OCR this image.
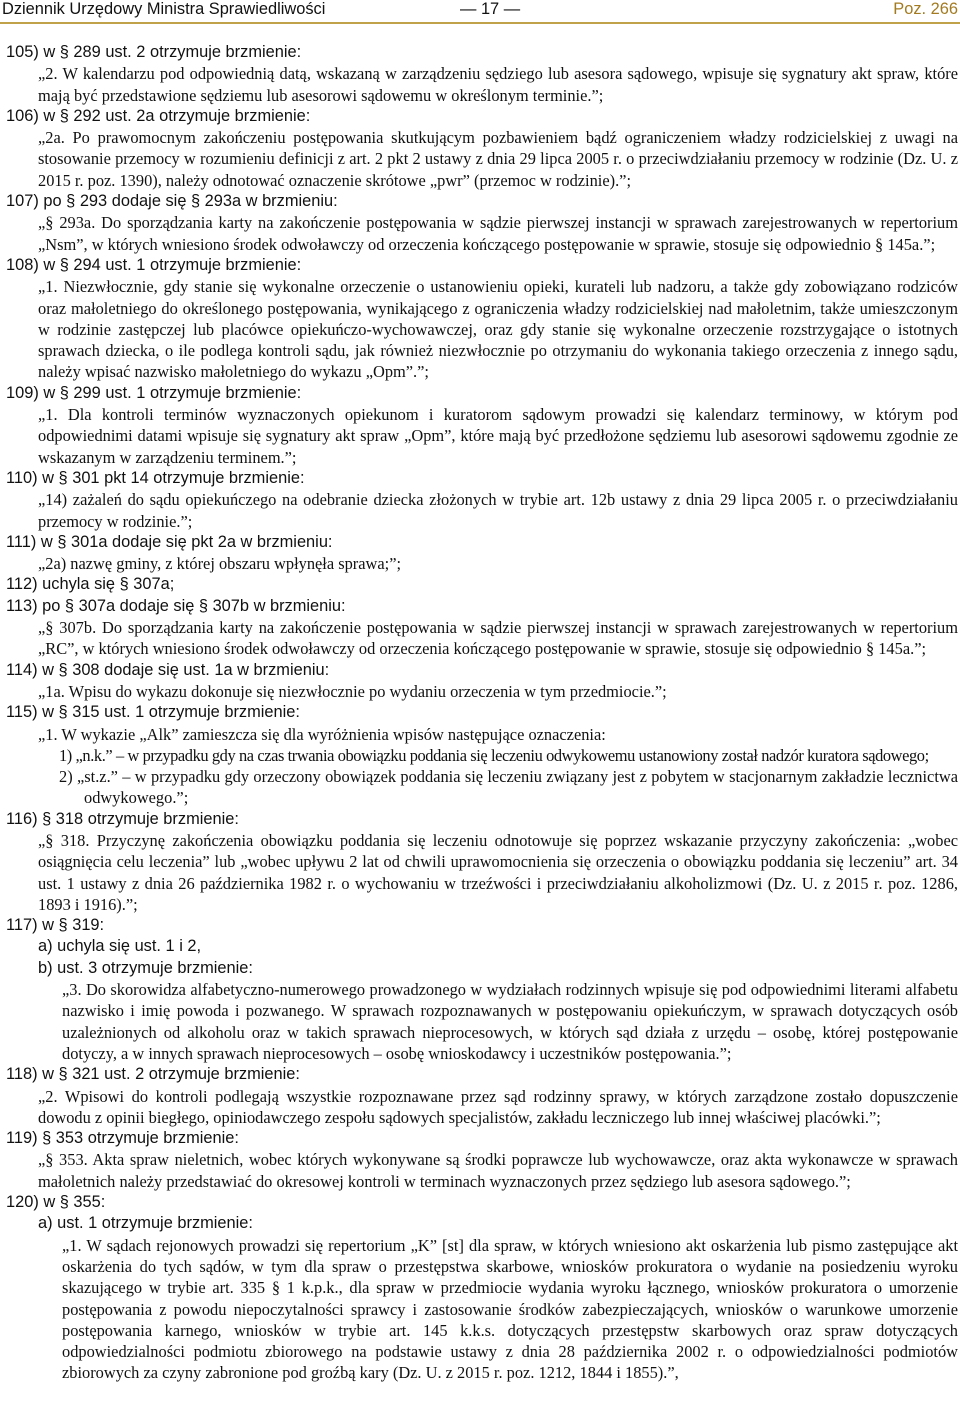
Dziennik Urzędowy Ministra Sprawiedliwości	— 17 —	Poz. 266

105) w § 289 ust. 2 otrzymuje brzmienie:

„2. W kalendarzu pod odpowiednią datą, wskazaną w zarządzeniu sędziego lub asesora sądowego, wpisuje się sygnatury akt spraw, które mają być przedstawione sędziemu lub asesorowi sądowemu w określonym terminie.”;

106) w § 292 ust. 2a otrzymuje brzmienie:

„2a. Po prawomocnym zakończeniu postępowania skutkującym pozbawieniem bądź ograniczeniem władzy rodzicielskiej z uwagi na stosowanie przemocy w rozumieniu definicji z art. 2 pkt 2 ustawy z dnia 29 lipca 2005 r. o przeciwdziałaniu przemocy w rodzinie (Dz. U. z 2015 r. poz. 1390), należy odnotować oznaczenie skrótowe „pwr” (przemoc w rodzinie).”;

107) po § 293 dodaje się § 293a w brzmieniu:

„§ 293a. Do sporządzania karty na zakończenie postępowania w sądzie pierwszej instancji w sprawach zarejestrowanych w repertorium „Nsm”, w których wniesiono środek odwoławczy od orzeczenia kończącego postępowanie w sprawie, stosuje się odpowiednio § 145a.”;

108) w § 294 ust. 1 otrzymuje brzmienie:

„1. Niezwłocznie, gdy stanie się wykonalne orzeczenie o ustanowieniu opieki, kurateli lub nadzoru, a także gdy zobowiązano rodziców oraz małoletniego do określonego postępowania, wynikającego z ograniczenia władzy rodzicielskiej nad małoletnim, także umieszczonym w rodzinie zastępczej lub placówce opiekuńczo-wychowawczej, oraz gdy stanie się wykonalne orzeczenie rozstrzygające o istotnych sprawach dziecka, o ile podlega kontroli sądu, jak również niezwłocznie po otrzymaniu do wykonania takiego orzeczenia z innego sądu, należy wpisać nazwisko małoletniego do wykazu „Opm”.”;

109) w § 299 ust. 1 otrzymuje brzmienie:

„1. Dla kontroli terminów wyznaczonych opiekunom i kuratorom sądowym prowadzi się kalendarz terminowy, w którym pod odpowiednimi datami wpisuje się sygnatury akt spraw „Opm”, które mają być przedłożone sędziemu lub asesorowi sądowemu zgodnie ze wskazanym w zarządzeniu terminem.”;

110) w § 301 pkt 14 otrzymuje brzmienie:

„14) zażaleń do sądu opiekuńczego na odebranie dziecka złożonych w trybie art. 12b ustawy z dnia 29 lipca 2005 r. o przeciwdziałaniu przemocy w rodzinie.”;

111) w § 301a dodaje się pkt 2a w brzmieniu:

„2a) nazwę gminy, z której obszaru wpłynęła sprawa;”;

112) uchyla się § 307a;

113) po § 307a dodaje się § 307b w brzmieniu:

„§ 307b. Do sporządzania karty na zakończenie postępowania w sądzie pierwszej instancji w sprawach zarejestrowanych w repertorium „RC”, w których wniesiono środek odwoławczy od orzeczenia kończącego postępowanie w sprawie, stosuje się odpowiednio § 145a.”;

114) w § 308 dodaje się ust. 1a w brzmieniu:

„1a. Wpisu do wykazu dokonuje się niezwłocznie po wydaniu orzeczenia w tym przedmiocie.”;

115) w § 315 ust. 1 otrzymuje brzmienie:

„1. W wykazie „Alk” zamieszcza się dla wyróżnienia wpisów następujące oznaczenia:

1) „n.k.” – w przypadku gdy na czas trwania obowiązku poddania się leczeniu odwykowemu ustanowiony został nadzór kuratora sądowego;

2) „st.z.” – w przypadku gdy orzeczony obowiązek poddania się leczeniu związany jest z pobytem w stacjonarnym zakładzie lecznictwa odwykowego.”;

116) § 318 otrzymuje brzmienie:

„§ 318. Przyczynę zakończenia obowiązku poddania się leczeniu odnotowuje się poprzez wskazanie przyczyny zakończenia: „wobec osiągnięcia celu leczenia” lub „wobec upływu 2 lat od chwili uprawomocnienia się orzeczenia o obowiązku poddania się leczeniu” art. 34 ust. 1 ustawy z dnia 26 października 1982 r. o wychowaniu w trzeźwości i przeciwdziałaniu alkoholizmowi (Dz. U. z 2015 r. poz. 1286, 1893 i 1916).”;

117) w § 319:

a) uchyla się ust. 1 i 2,

b) ust. 3 otrzymuje brzmienie:

„3. Do skorowidza alfabetyczno-numerowego prowadzonego w wydziałach rodzinnych wpisuje się pod odpowiednimi literami alfabetu nazwisko i imię powoda i pozwanego. W sprawach rozpoznawanych w postępowaniu opiekuńczym, w sprawach dotyczących osób uzależnionych od alkoholu oraz w takich sprawach nieprocesowych, w których sąd działa z urzędu – osobę, której postępowanie dotyczy, a w innych sprawach nieprocesowych – osobę wnioskodawcy i uczestników postępowania.”;

118) w § 321 ust. 2 otrzymuje brzmienie:

„2. Wpisowi do kontroli podlegają wszystkie rozpoznawane przez sąd rodzinny sprawy, w których zarządzone zostało dopuszczenie dowodu z opinii biegłego, opiniodawczego zespołu sądowych specjalistów, zakładu leczniczego lub innej właściwej placówki.”;

119) § 353 otrzymuje brzmienie:

„§ 353. Akta spraw nieletnich, wobec których wykonywane są środki poprawcze lub wychowawcze, oraz akta wykonawcze w sprawach małoletnich należy przedstawiać do okresowej kontroli w terminach wyznaczonych przez sędziego lub asesora sądowego.”;

120) w § 355:

a) ust. 1 otrzymuje brzmienie:

„1. W sądach rejonowych prowadzi się repertorium „K” [st] dla spraw, w których wniesiono akt oskarżenia lub pismo zastępujące akt oskarżenia do tych sądów, w tym dla spraw o przestępstwa skarbowe, wniosków prokuratora o wydanie na posiedzeniu wyroku skazującego w trybie art. 335 § 1 k.p.k., dla spraw w przedmiocie wydania wyroku łącznego, wniosków prokuratora o umorzenie postępowania z powodu niepoczytalności sprawcy i zastosowanie środków zabezpieczających, wniosków o warunkowe umorzenie postępowania karnego, wniosków w trybie art. 145 k.k.s. dotyczących przestępstw skarbowych oraz spraw dotyczących odpowiedzialności podmiotu zbiorowego na podstawie ustawy z dnia 28 października 2002 r. o odpowiedzialności podmiotów zbiorowych za czyny zabronione pod groźbą kary (Dz. U. z 2015 r. poz. 1212, 1844 i 1855).”,
